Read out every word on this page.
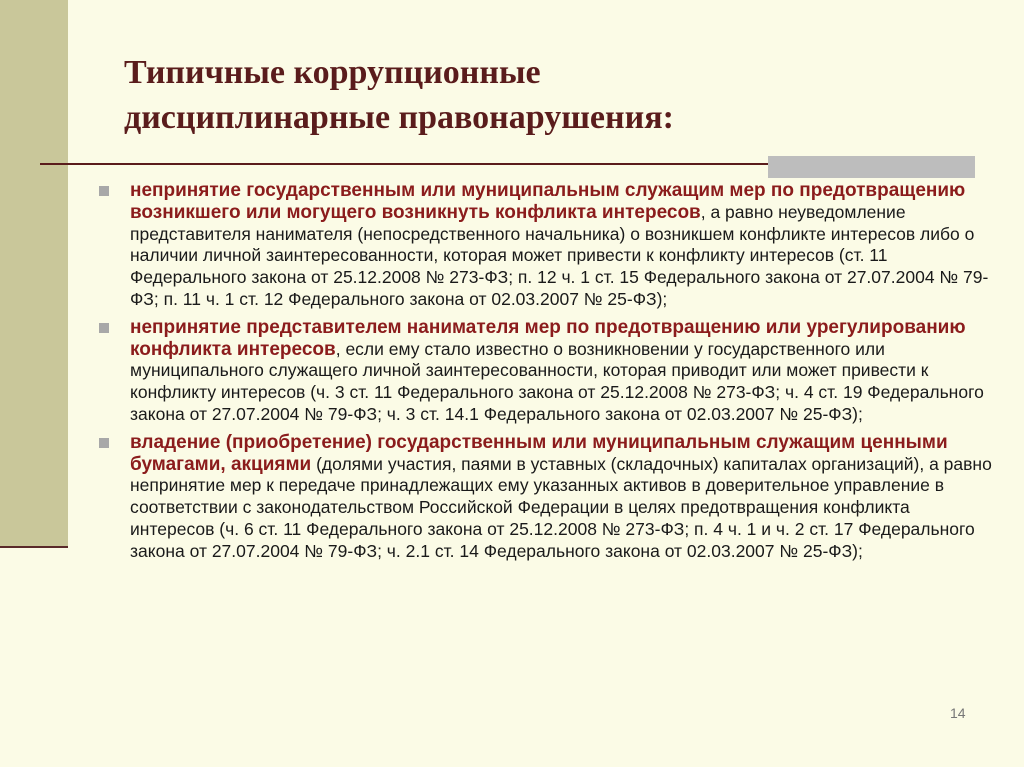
Типичные коррупционные
дисциплинарные правонарушения:
непринятие государственным или муниципальным служащим мер по предотвращению возникшего или могущего возникнуть конфликта интересов, а равно неуведомление представителя нанимателя (непосредственного начальника) о возникшем конфликте интересов либо о наличии личной заинтересованности, которая может привести к конфликту интересов (ст. 11 Федерального закона от 25.12.2008 № 273-ФЗ; п. 12 ч. 1 ст. 15 Федерального закона от 27.07.2004 № 79-ФЗ; п. 11 ч. 1 ст. 12 Федерального закона от 02.03.2007 № 25-ФЗ);
непринятие представителем нанимателя мер по предотвращению или урегулированию конфликта интересов, если ему стало известно о возникновении у государственного или муниципального служащего личной заинтересованности, которая приводит или может привести к конфликту интересов (ч. 3 ст. 11 Федерального закона от 25.12.2008 № 273-ФЗ; ч. 4 ст. 19 Федерального закона от 27.07.2004 № 79-ФЗ; ч. 3 ст. 14.1 Федерального закона от 02.03.2007 № 25-ФЗ);
владение (приобретение) государственным или муниципальным служащим ценными бумагами, акциями (долями участия, паями в уставных (складочных) капиталах организаций), а равно непринятие мер к передаче принадлежащих ему указанных активов в доверительное управление в соответствии с законодательством Российской Федерации в целях предотвращения конфликта интересов (ч. 6 ст. 11 Федерального закона от 25.12.2008 № 273-ФЗ; п. 4 ч. 1 и ч. 2 ст. 17 Федерального закона от 27.07.2004 № 79-ФЗ; ч. 2.1 ст. 14 Федерального закона от 02.03.2007 № 25-ФЗ);
14
